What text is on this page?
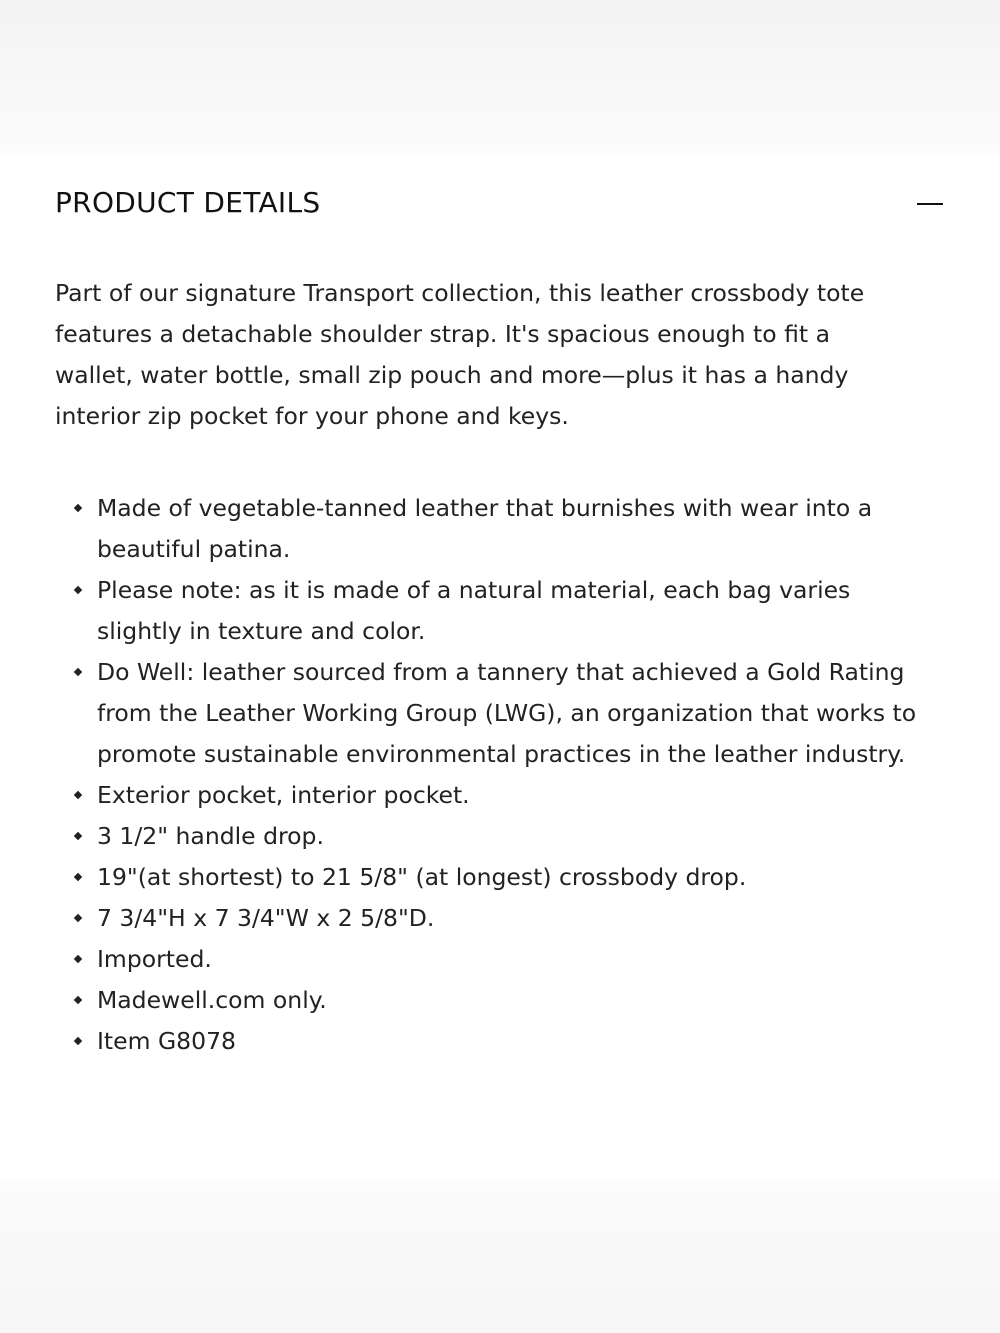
PRODUCT DETAILS

Part of our signature Transport collection, this leather crossbody tote features a detachable shoulder strap. It's spacious enough to fit a wallet, water bottle, small zip pouch and more—plus it has a handy interior zip pocket for your phone and keys.

Made of vegetable-tanned leather that burnishes with wear into a beautiful patina.
Please note: as it is made of a natural material, each bag varies slightly in texture and color.
Do Well: leather sourced from a tannery that achieved a Gold Rating from the Leather Working Group (LWG), an organization that works to promote sustainable environmental practices in the leather industry.
Exterior pocket, interior pocket.
3 1/2" handle drop.
19"(at shortest) to 21 5/8" (at longest) crossbody drop.
7 3/4"H x 7 3/4"W x 2 5/8"D.
Imported.
Madewell.com only.
Item G8078
